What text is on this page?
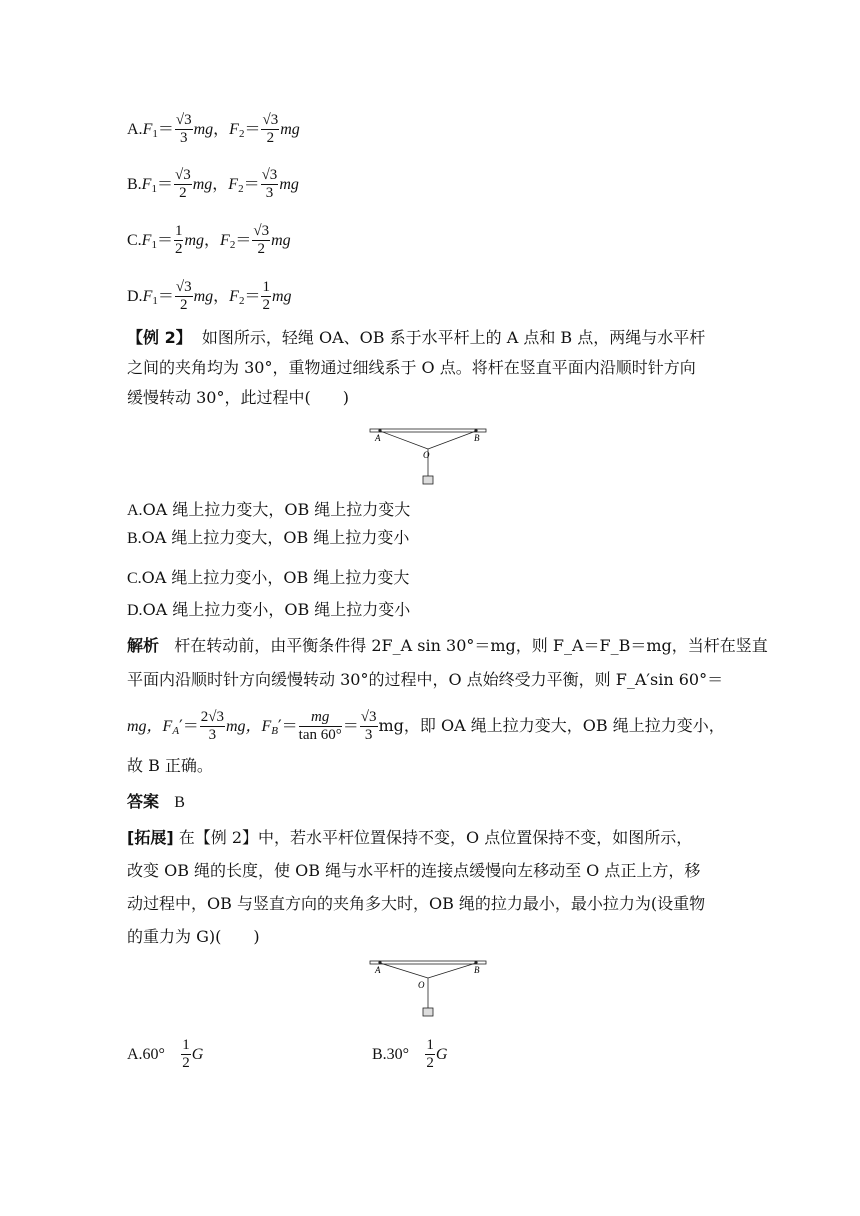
$A.F_1= \frac{√3}{3}$ mg，$F_2= \frac{√3}{2}$ mg
$B.F_1= \frac{√3}{2}$ mg，$F_2= \frac{√3}{3}$ mg
$C.F_1= \frac{1}{2}$ mg，$F_2= \frac{√3}{2}$ mg
$D.F_1= \frac{√3}{2}$ mg，$F_2= \frac{1}{2}$ mg
【例 2】 如图所示，轻绳 OA、OB 系于水平杆上的 A 点和 B 点，两绳与水平杆
之间的夹角均为 30°，重物通过细线系于 O 点。将杆在竖直平面内沿顺时针方向
缓慢转动 30°，此过程中(　　)
A	B
O
A.OA 绳上拉力变大，OB 绳上拉力变大
B.OA 绳上拉力变大，OB 绳上拉力变小
C.OA 绳上拉力变小，OB 绳上拉力变大
D.OA 绳上拉力变小，OB 绳上拉力变小
解析 杆在转动前，由平衡条件得 2F_A sin 30°＝mg，则 F_A＝F_B＝mg，当杆在竖直
平面内沿顺时针方向缓慢转动 30°的过程中，O 点始终受力平衡，则 F_A′sin 60°＝
mg，$F_A'= \frac{2√3}{3}$ mg，$F_B'= \frac{mg}{\tan 60^\circ} = \frac{√3}{3}$ mg，即 OA 绳上拉力变大，OB 绳上拉力变小，
故 B 正确。
答案 B
[拓展] 在【例 2】中，若水平杆位置保持不变，O 点位置保持不变，如图所示，
改变 OB 绳的长度，使 OB 绳与水平杆的连接点缓慢向左移动至 O 点正上方，移
动过程中，OB 与竖直方向的夹角多大时，OB 绳的拉力最小，最小拉力为(设重物
的重力为 G)(　　)
A	B
O
$A.60^\circ \frac{1}{2}$ G	$B.30^\circ \frac{1}{2}$ G
